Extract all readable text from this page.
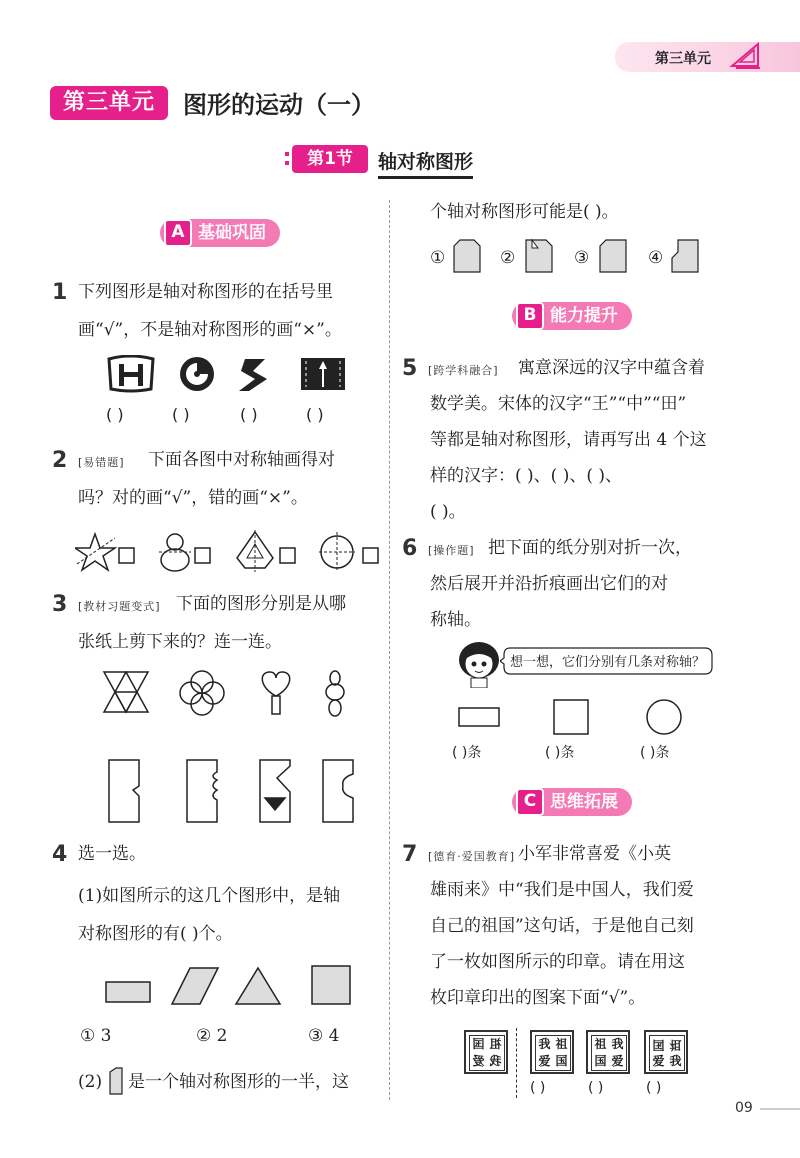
第三单元
第三单元	图形的运动（一）
第1节	轴对称图形
A 基础巩固
1 下列图形是轴对称图形的在括号里
画“√”，不是轴对称图形的画“×”。
( )	( )	( )	( )
2 [易错题] 下面各图中对称轴画得对
吗？对的画“√”，错的画“×”。
3 [教材习题变式] 下面的图形分别是从哪
张纸上剪下来的？连一连。
4 选一选。
(1)如图所示的这几个图形中，是轴
对称图形的有( )个。
① 3	② 2	③ 4
(2) 是一个轴对称图形的一半，这
个轴对称图形可能是( )。
①	②	③	④
B 能力提升
5 [跨学科融合] 寓意深远的汉字中蕴含着
数学美。宋体的汉字“王”“中”“田”
等都是轴对称图形，请再写出 4 个这
样的汉字：( )、( )、( )、
( )。
6 [操作题] 把下面的纸分别对折一次，
然后展开并沿折痕画出它们的对
称轴。
想一想，它们分别有几条对称轴？
( )条	( )条	( )条
C 思维拓展
7 [德育·爱国教育] 小军非常喜爱《小英
雄雨来》中“我们是中国人，我们爱
自己的祖国”这句话，于是他自己刻
了一枚如图所示的印章。请在用这
枚印章印出的图案下面“√”。
国 祖
爱 我
我 祖
爱 国
祖 我
国 爱
国 祖
爱 我
( )	( )	( )
09
